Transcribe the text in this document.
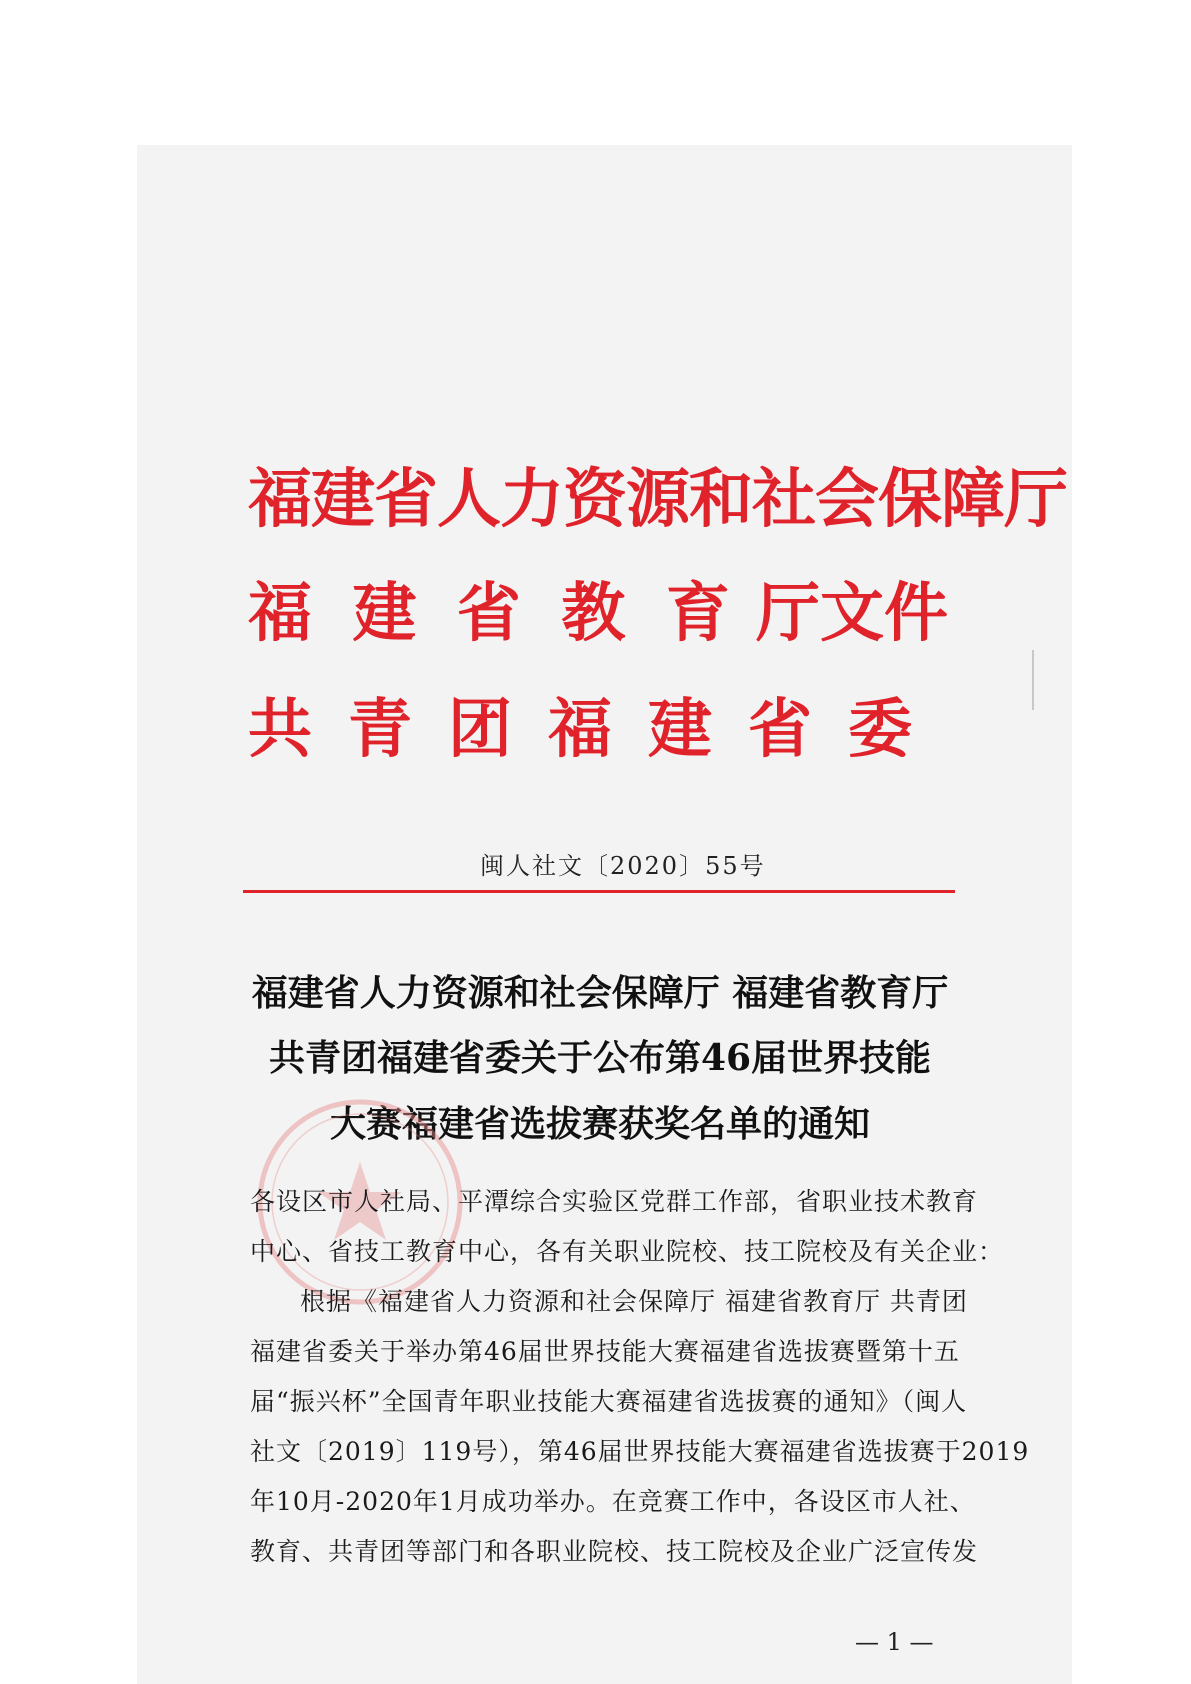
福建省人力资源和社会保障厅
福 建 省 教 育 厅文件
共 青 团 福 建 省 委
闽人社文〔2020〕55号
福建省人力资源和社会保障厅 福建省教育厅
共青团福建省委关于公布第46届世界技能
大赛福建省选拔赛获奖名单的通知
各设区市人社局、平潭综合实验区党群工作部，省职业技术教育
中心、省技工教育中心，各有关职业院校、技工院校及有关企业：
根据《福建省人力资源和社会保障厅 福建省教育厅 共青团
福建省委关于举办第46届世界技能大赛福建省选拔赛暨第十五
届“振兴杯”全国青年职业技能大赛福建省选拔赛的通知》（闽人
社文〔2019〕119号），第46届世界技能大赛福建省选拔赛于2019
年10月-2020年1月成功举办。在竞赛工作中，各设区市人社、
教育、共青团等部门和各职业院校、技工院校及企业广泛宣传发
— 1 —
